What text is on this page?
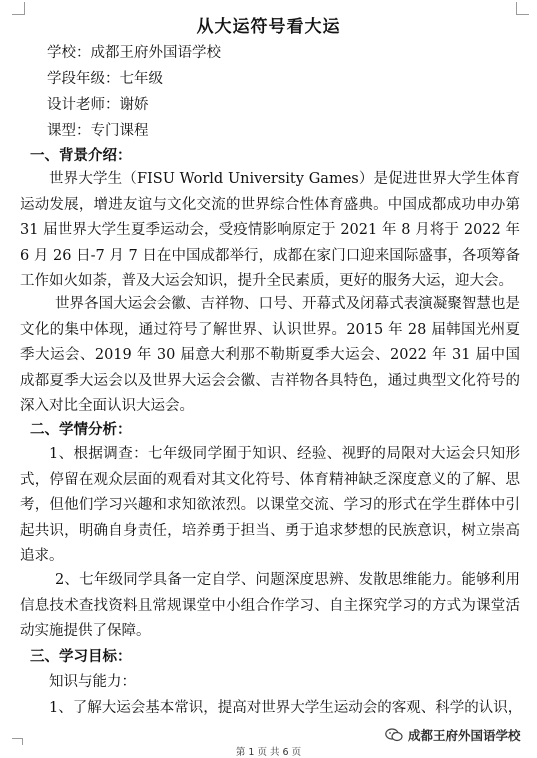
从大运符号看大运
学校：成都王府外国语学校
学段年级：七年级
设计老师：谢娇
课型：专门课程
一、背景介绍：
世界大学生（FISU World University Games）是促进世界大学生体育运动发展，增进友谊与文化交流的世界综合性体育盛典。中国成都成功申办第 31 届世界大学生夏季运动会，受疫情影响原定于 2021 年 8 月将于 2022 年 6 月 26 日-7 月 7 日在中国成都举行，成都在家门口迎来国际盛事，各项筹备工作如火如荼，普及大运会知识，提升全民素质，更好的服务大运，迎大会。
世界各国大运会会徽、吉祥物、口号、开幕式及闭幕式表演凝聚智慧也是文化的集中体现，通过符号了解世界、认识世界。2015 年 28 届韩国光州夏季大运会、2019 年 30 届意大利那不勒斯夏季大运会、2022 年 31 届中国成都夏季大运会以及世界大运会会徽、吉祥物各具特色，通过典型文化符号的深入对比全面认识大运会。
二、学情分析：
1、根据调查：七年级同学囿于知识、经验、视野的局限对大运会只知形式，停留在观众层面的观看对其文化符号、体育精神缺乏深度意义的了解、思考，但他们学习兴趣和求知欲浓烈。以课堂交流、学习的形式在学生群体中引起共识，明确自身责任，培养勇于担当、勇于追求梦想的民族意识，树立崇高追求。
2、七年级同学具备一定自学、问题深度思辨、发散思维能力。能够利用信息技术查找资料且常规课堂中小组合作学习、自主探究学习的方式为课堂活动实施提供了保障。
三、学习目标：
知识与能力：
1、了解大运会基本常识，提高对世界大学生运动会的客观、科学的认识，
第 1 页 共 6 页
成都王府外国语学校
